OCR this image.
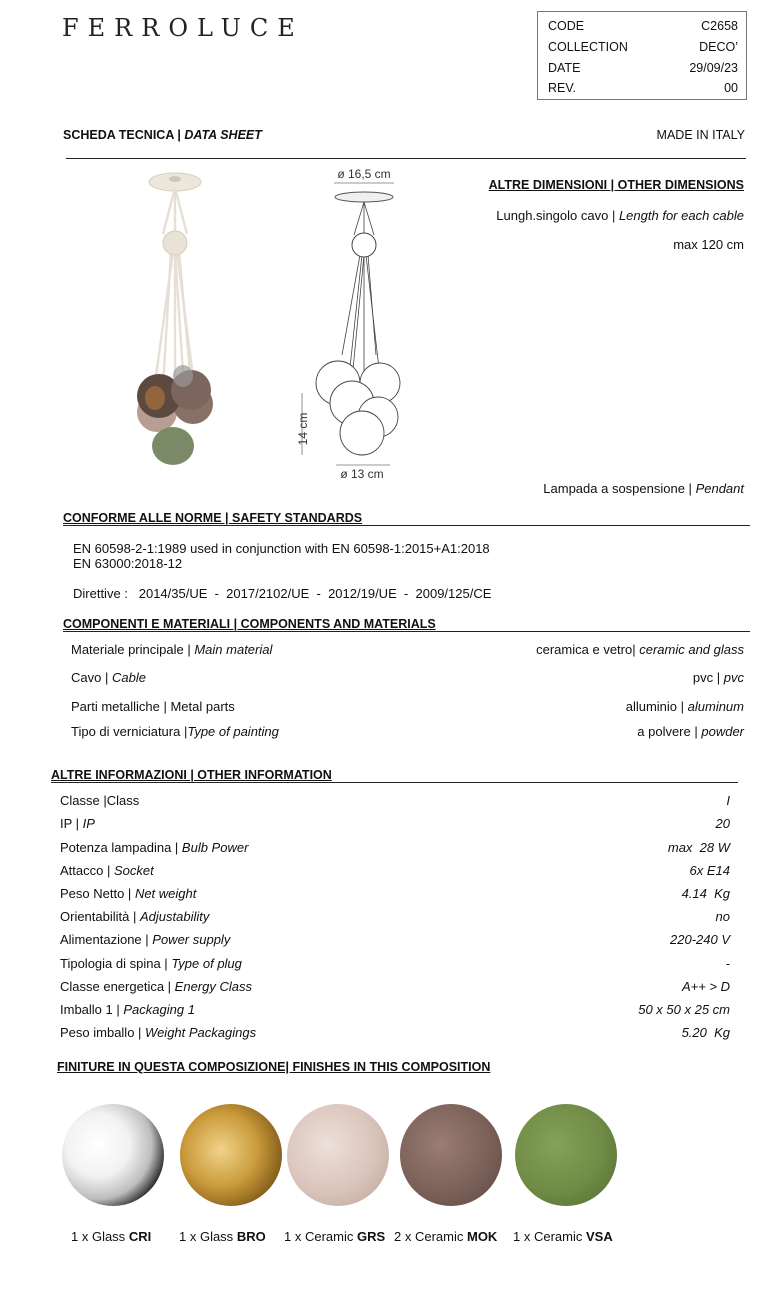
FERROLUCE	CODE	C2658
COLLECTION	DECO’
DATE	29/09/23
REV.	00
SCHEDA TECNICA | DATA SHEET	MADE IN ITALY
ø 16,5 cm
14 cm
ø 13 cm
ALTRE DIMENSIONI | OTHER DIMENSIONS
Lungh.singolo cavo | Length for each cable
max 120 cm
Lampada a sospensione | Pendant
CONFORME ALLE NORME | SAFETY STANDARDS
EN 60598-2-1:1989 used in conjunction with EN 60598-1:2015+A1:2018
EN 63000:2018-12
Direttive :   2014/35/UE  -  2017/2102/UE  -  2012/19/UE  -  2009/125/CE
COMPONENTI E MATERIALI | COMPONENTS AND MATERIALS
Materiale principale | Main material	ceramica e vetro| ceramic and glass
Cavo | Cable	pvc | pvc
Parti metalliche | Metal parts	alluminio | aluminum
Tipo di verniciatura |Type of painting	a polvere | powder
ALTRE INFORMAZIONI | OTHER INFORMATION
Classe |Class	I
IP | IP	20
Potenza lampadina | Bulb Power	max  28 W
Attacco | Socket	6x E14
Peso Netto | Net weight	4.14  Kg
Orientabilità | Adjustability	no
Alimentazione | Power supply	220-240 V
Tipologia di spina | Type of plug	-
Classe energetica | Energy Class	A++ > D
Imballo 1 | Packaging 1	50 x 50 x 25 cm
Peso imballo | Weight Packagings	5.20  Kg
FINITURE IN QUESTA COMPOSIZIONE| FINISHES IN THIS COMPOSITION
1 x Glass CRI 1 x Glass BRO 1 x Ceramic GRS 2 x Ceramic MOK 1 x Ceramic VSA
